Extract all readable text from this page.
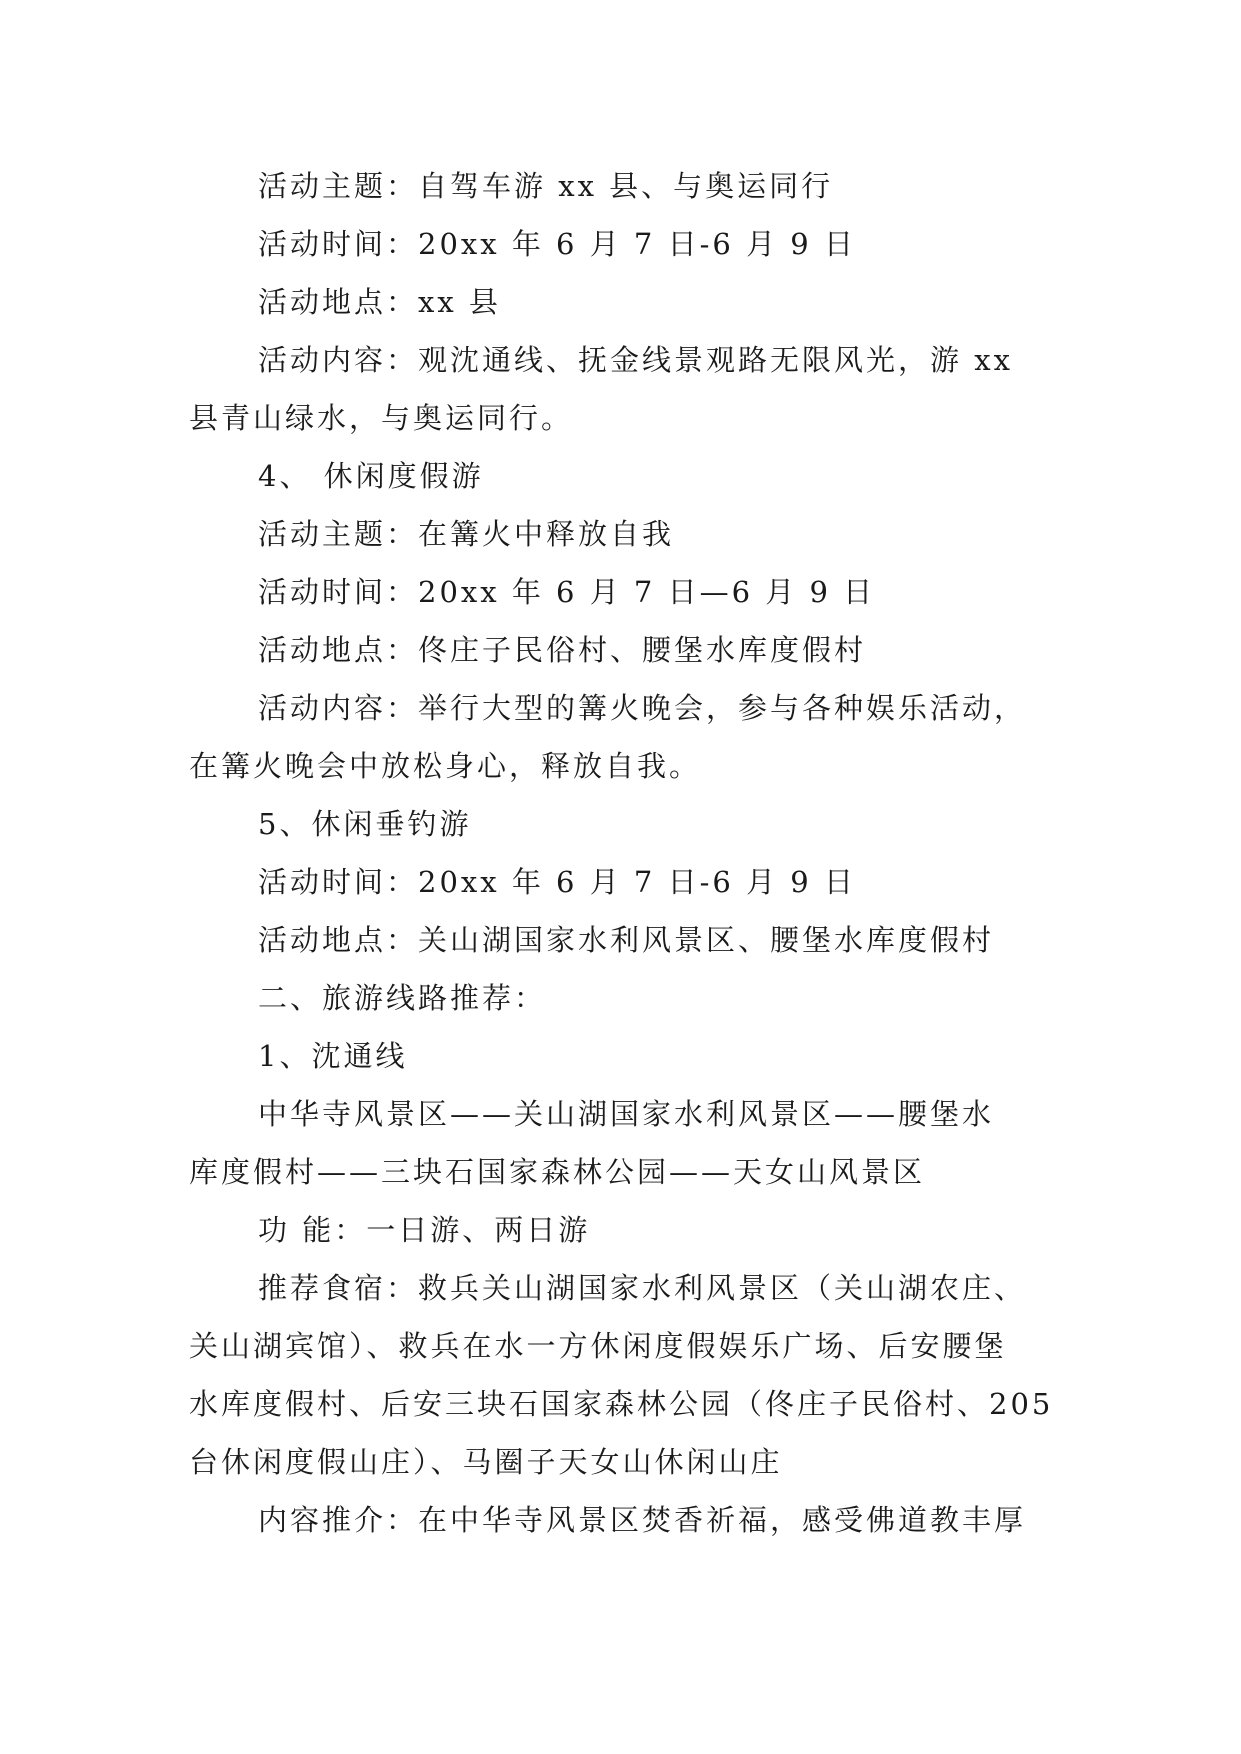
活动主题：自驾车游 xx 县、与奥运同行
活动时间：20xx 年 6 月 7 日-6 月 9 日
活动地点：xx 县
活动内容：观沈通线、抚金线景观路无限风光，游 xx
县青山绿水，与奥运同行。
4、 休闲度假游
活动主题：在篝火中释放自我
活动时间：20xx 年 6 月 7 日—6 月 9 日
活动地点：佟庄子民俗村、腰堡水库度假村
活动内容：举行大型的篝火晚会，参与各种娱乐活动，
在篝火晚会中放松身心，释放自我。
5、休闲垂钓游
活动时间：20xx 年 6 月 7 日-6 月 9 日
活动地点：关山湖国家水利风景区、腰堡水库度假村
二、旅游线路推荐：
1、沈通线
中华寺风景区——关山湖国家水利风景区——腰堡水
库度假村——三块石国家森林公园——天女山风景区
功 能：一日游、两日游
推荐食宿：救兵关山湖国家水利风景区（关山湖农庄、
关山湖宾馆）、救兵在水一方休闲度假娱乐广场、后安腰堡
水库度假村、后安三块石国家森林公园（佟庄子民俗村、205
台休闲度假山庄）、马圈子天女山休闲山庄
内容推介：在中华寺风景区焚香祈福，感受佛道教丰厚
